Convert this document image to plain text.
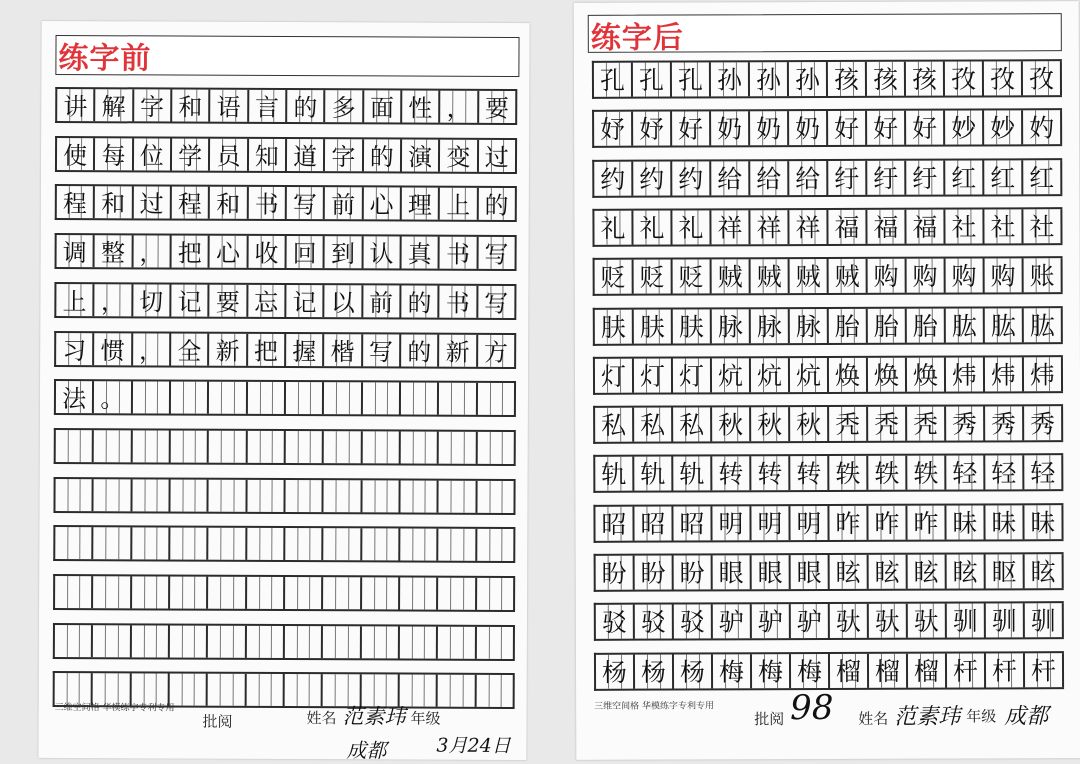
练字前
讲 解 字 和 语 言 的 多 面 性 ， 要
使 每 位 学 员 知 道 字 的 演 变 过
程 和 过 程 和 书 写 前 心 理 上 的
调 整 ， 把 心 收 回 到 认 真 书 写
上 ， 切 记 要 忘 记 以 前 的 书 写
习 惯 ， 全 新 把 握 楷 写 的 新 方
法 。
三维空间格 华模练字专利专用
批阅	姓名 范素玮 年级
成都	3月24日
练字后
孔 孔 孔 孙 孙 孙 孩 孩 孩 孜 孜 孜
妤 妤 好 奶 奶 奶 好 好 好 妙 妙 妁
约 约 约 给 给 给 纡 纡 纡 红 红 红
礼 礼 礼 祥 祥 祥 福 福 福 社 社 社
贬 贬 贬 贼 贼 贼 贼 购 购 购 购 账
肤 肤 肤 脉 脉 脉 胎 胎 胎 肱 肱 肱
灯 灯 灯 炕 炕 炕 焕 焕 焕 炜 炜 炜
私 私 私 秋 秋 秋 秃 秃 秃 秀 秀 秀
轨 轨 轨 转 转 转 轶 轶 轶 轻 轻 轻
昭 昭 昭 明 明 明 昨 昨 昨 昧 昧 昧
盼 盼 盼 眼 眼 眼 眩 眩 眩 眩 眍 眩
驳 驳 驳 驴 驴 驴 驮 驮 驮 驯 驯 驯
杨 杨 杨 梅 梅 梅 榴 榴 榴 杆 杆 杆
三维空间格 华模练字专利专用
批阅 98 姓名 范素玮 年级 成都
